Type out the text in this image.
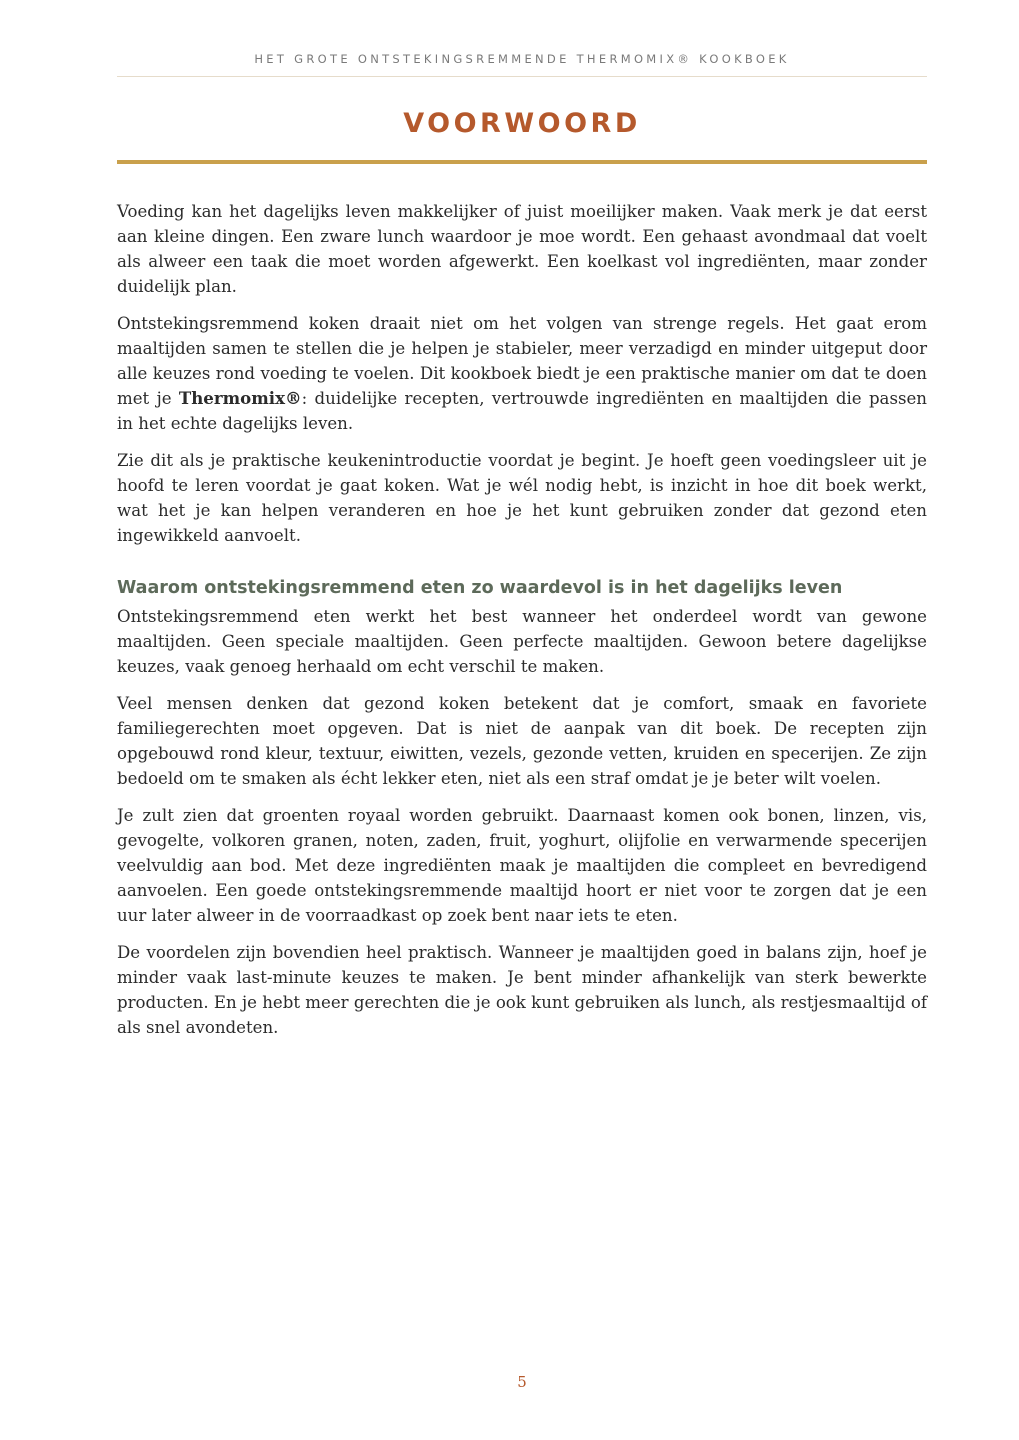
HET GROTE ONTSTEKINGSREMMENDE THERMOMIX® KOOKBOEK
VOORWOORD

Voeding kan het dagelijks leven makkelijker of juist moeilijker maken. Vaak merk je dat eerst aan kleine dingen. Een zware lunch waardoor je moe wordt. Een gehaast avondmaal dat voelt als alweer een taak die moet worden afgewerkt. Een koelkast vol ingrediënten, maar zonder duidelijk plan.

Ontstekingsremmend koken draait niet om het volgen van strenge regels. Het gaat erom maaltijden samen te stellen die je helpen je stabieler, meer verzadigd en minder uitgeput door alle keuzes rond voeding te voelen. Dit kookboek biedt je een praktische manier om dat te doen met je Thermomix®: duidelijke recepten, vertrouwde ingrediënten en maaltijden die passen in het echte dagelijks leven.

Zie dit als je praktische keukenintroductie voordat je begint. Je hoeft geen voedingsleer uit je hoofd te leren voordat je gaat koken. Wat je wél nodig hebt, is inzicht in hoe dit boek werkt, wat het je kan helpen veranderen en hoe je het kunt gebruiken zonder dat gezond eten ingewikkeld aanvoelt.

Waarom ontstekingsremmend eten zo waardevol is in het dagelijks leven

Ontstekingsremmend eten werkt het best wanneer het onderdeel wordt van gewone maaltijden. Geen speciale maaltijden. Geen perfecte maaltijden. Gewoon betere dagelijkse keuzes, vaak genoeg herhaald om echt verschil te maken.

Veel mensen denken dat gezond koken betekent dat je comfort, smaak en favoriete familiegerechten moet opgeven. Dat is niet de aanpak van dit boek. De recepten zijn opgebouwd rond kleur, textuur, eiwitten, vezels, gezonde vetten, kruiden en specerijen. Ze zijn bedoeld om te smaken als écht lekker eten, niet als een straf omdat je je beter wilt voelen.

Je zult zien dat groenten royaal worden gebruikt. Daarnaast komen ook bonen, linzen, vis, gevogelte, volkoren granen, noten, zaden, fruit, yoghurt, olijfolie en verwarmende specerijen veelvuldig aan bod. Met deze ingrediënten maak je maaltijden die compleet en bevredigend aanvoelen. Een goede ontstekingsremmende maaltijd hoort er niet voor te zorgen dat je een uur later alweer in de voorraadkast op zoek bent naar iets te eten.

De voordelen zijn bovendien heel praktisch. Wanneer je maaltijden goed in balans zijn, hoef je minder vaak last-minute keuzes te maken. Je bent minder afhankelijk van sterk bewerkte producten. En je hebt meer gerechten die je ook kunt gebruiken als lunch, als restjesmaaltijd of als snel avondeten.

5
